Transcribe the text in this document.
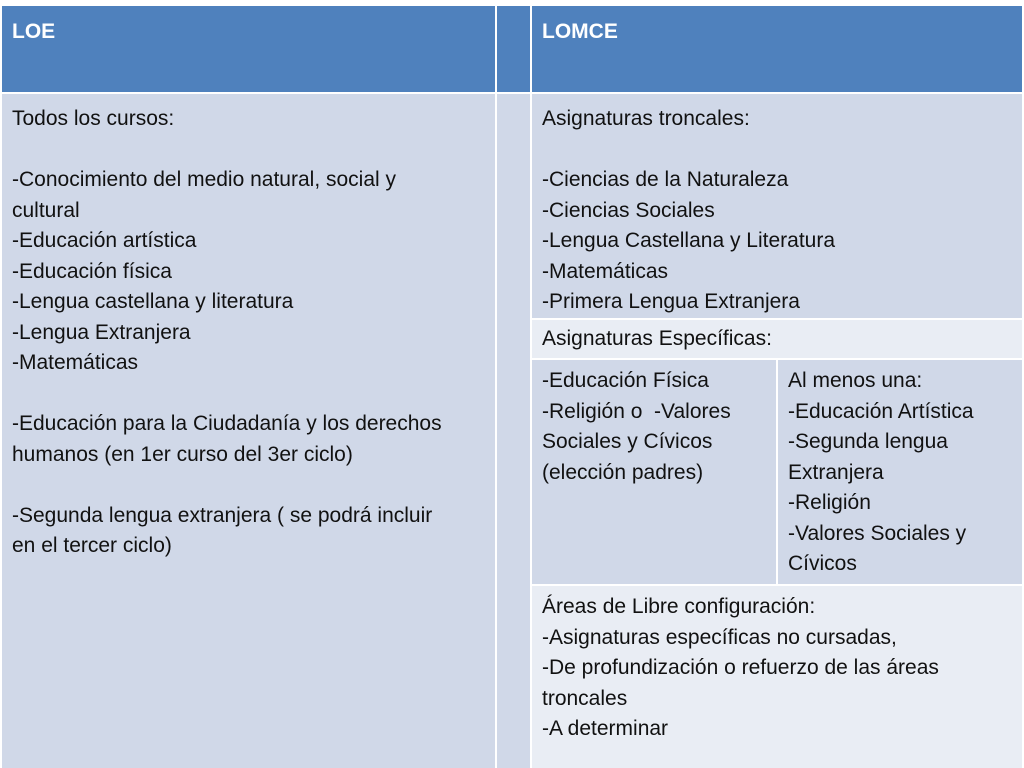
LOE	LOMCE
Todos los cursos:
-Conocimiento del medio natural, social y
cultural
-Educación artística
-Educación física
-Lengua castellana y literatura
-Lengua Extranjera
-Matemáticas
-Educación para la Ciudadanía y los derechos
humanos (en 1er curso del 3er ciclo)
-Segunda lengua extranjera ( se podrá incluir
en el tercer ciclo)
Asignaturas troncales:
-Ciencias de la Naturaleza
-Ciencias Sociales
-Lengua Castellana y Literatura
-Matemáticas
-Primera Lengua Extranjera
Asignaturas Específicas:
-Educación Física
-Religión o  -Valores
Sociales y Cívicos
(elección padres)
Al menos una:
-Educación Artística
-Segunda lengua
Extranjera
-Religión
-Valores Sociales y
Cívicos
Áreas de Libre configuración:
-Asignaturas específicas no cursadas,
-De profundización o refuerzo de las áreas
troncales
-A determinar
